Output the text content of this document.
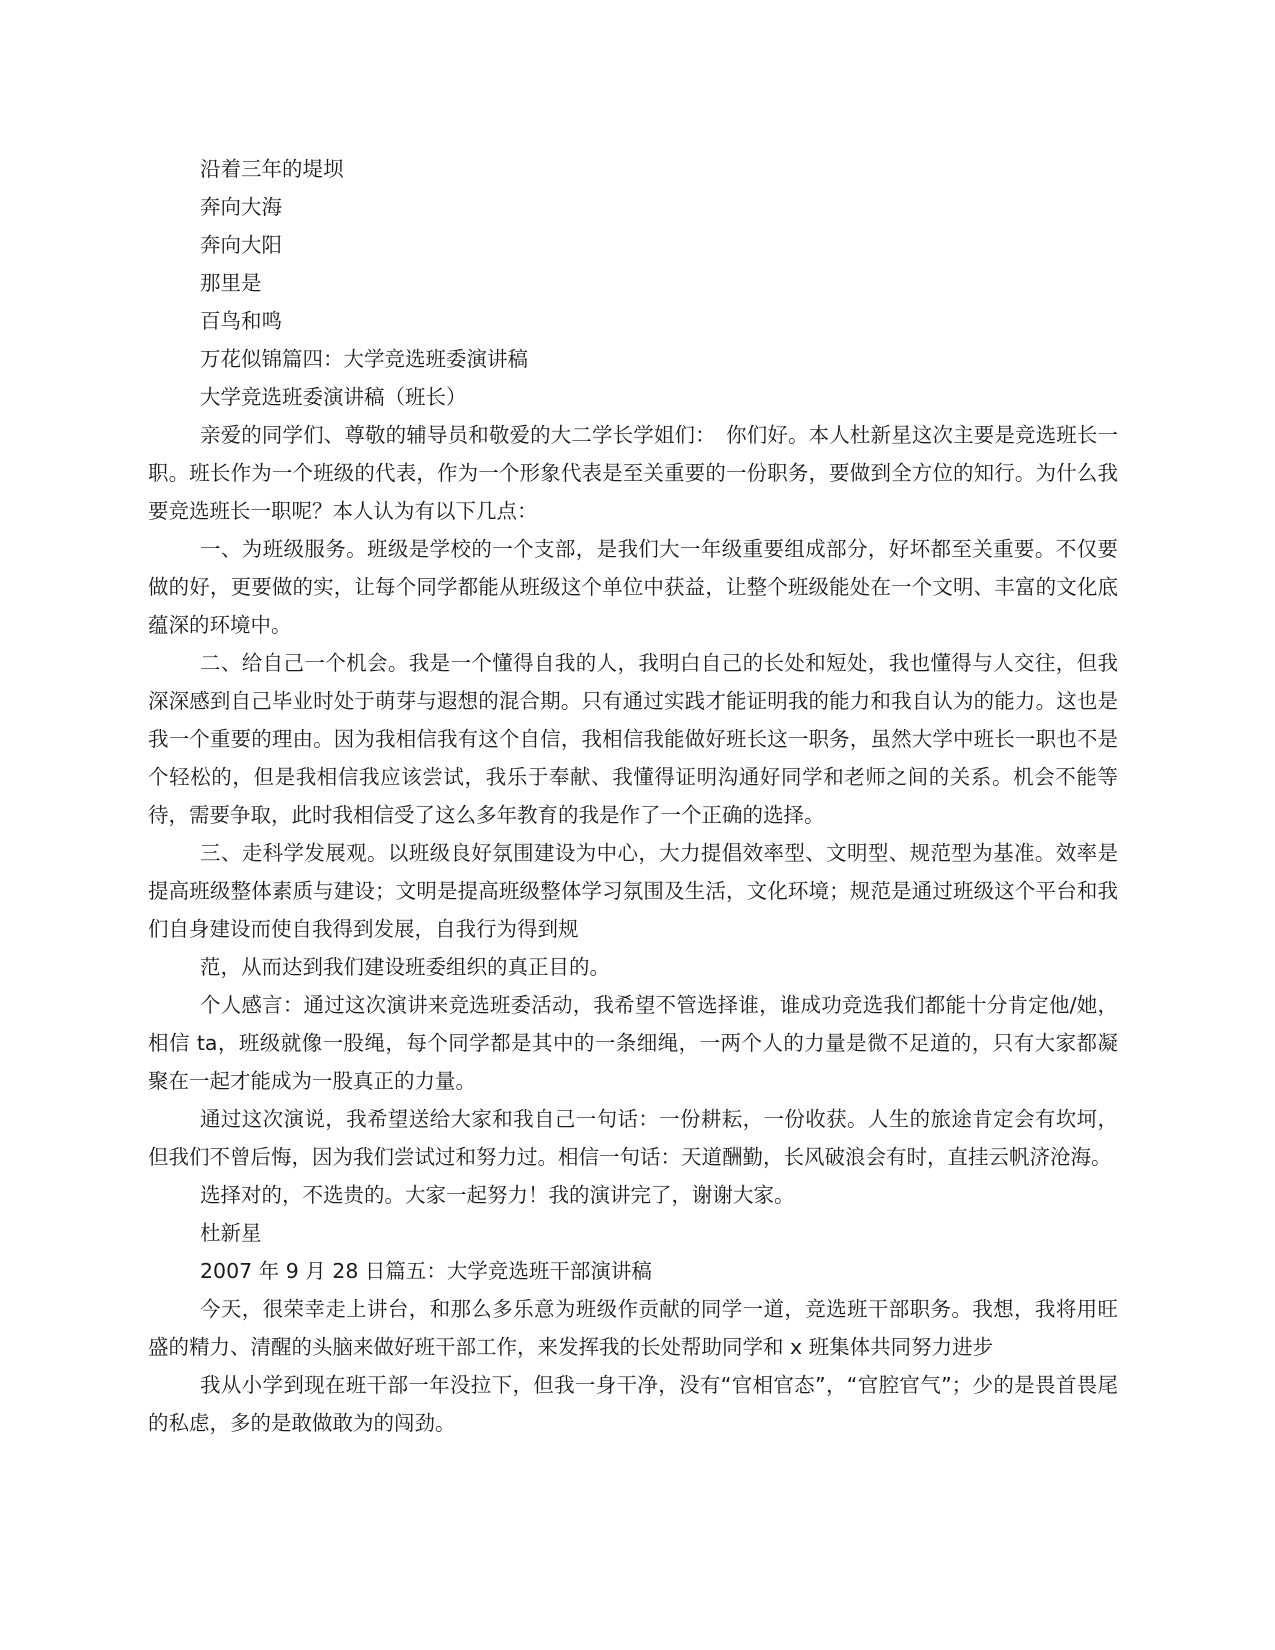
沿着三年的堤坝
奔向大海
奔向大阳
那里是
百鸟和鸣
万花似锦篇四：大学竞选班委演讲稿
大学竞选班委演讲稿（班长）

亲爱的同学们、尊敬的辅导员和敬爱的大二学长学姐们：　你们好。本人杜新星这次主要是竞选班长一职。班长作为一个班级的代表，作为一个形象代表是至关重要的一份职务，要做到全方位的知行。为什么我要竞选班长一职呢？本人认为有以下几点：

一、为班级服务。班级是学校的一个支部，是我们大一年级重要组成部分，好坏都至关重要。不仅要做的好，更要做的实，让每个同学都能从班级这个单位中获益，让整个班级能处在一个文明、丰富的文化底蕴深的环境中。

二、给自己一个机会。我是一个懂得自我的人，我明白自己的长处和短处，我也懂得与人交往，但我深深感到自己毕业时处于萌芽与遐想的混合期。只有通过实践才能证明我的能力和我自认为的能力。这也是我一个重要的理由。因为我相信我有这个自信，我相信我能做好班长这一职务，虽然大学中班长一职也不是个轻松的，但是我相信我应该尝试，我乐于奉献、我懂得证明沟通好同学和老师之间的关系。机会不能等待，需要争取，此时我相信受了这么多年教育的我是作了一个正确的选择。

三、走科学发展观。以班级良好氛围建设为中心，大力提倡效率型、文明型、规范型为基准。效率是提高班级整体素质与建设；文明是提高班级整体学习氛围及生活，文化环境；规范是通过班级这个平台和我们自身建设而使自我得到发展，自我行为得到规

范，从而达到我们建设班委组织的真正目的。

个人感言：通过这次演讲来竞选班委活动，我希望不管选择谁，谁成功竞选我们都能十分肯定他/她，相信 ta，班级就像一股绳，每个同学都是其中的一条细绳，一两个人的力量是微不足道的，只有大家都凝聚在一起才能成为一股真正的力量。

通过这次演说，我希望送给大家和我自己一句话：一份耕耘，一份收获。人生的旅途肯定会有坎坷，但我们不曾后悔，因为我们尝试过和努力过。相信一句话：天道酬勤，长风破浪会有时，直挂云帆济沧海。

选择对的，不选贵的。大家一起努力！我的演讲完了，谢谢大家。

杜新星

2007 年 9 月 28 日篇五：大学竞选班干部演讲稿

今天，很荣幸走上讲台，和那么多乐意为班级作贡献的同学一道，竞选班干部职务。我想，我将用旺盛的精力、清醒的头脑来做好班干部工作，来发挥我的长处帮助同学和 x 班集体共同努力进步

我从小学到现在班干部一年没拉下，但我一身干净，没有“官相官态”，“官腔官气”；少的是畏首畏尾的私虑，多的是敢做敢为的闯劲。
